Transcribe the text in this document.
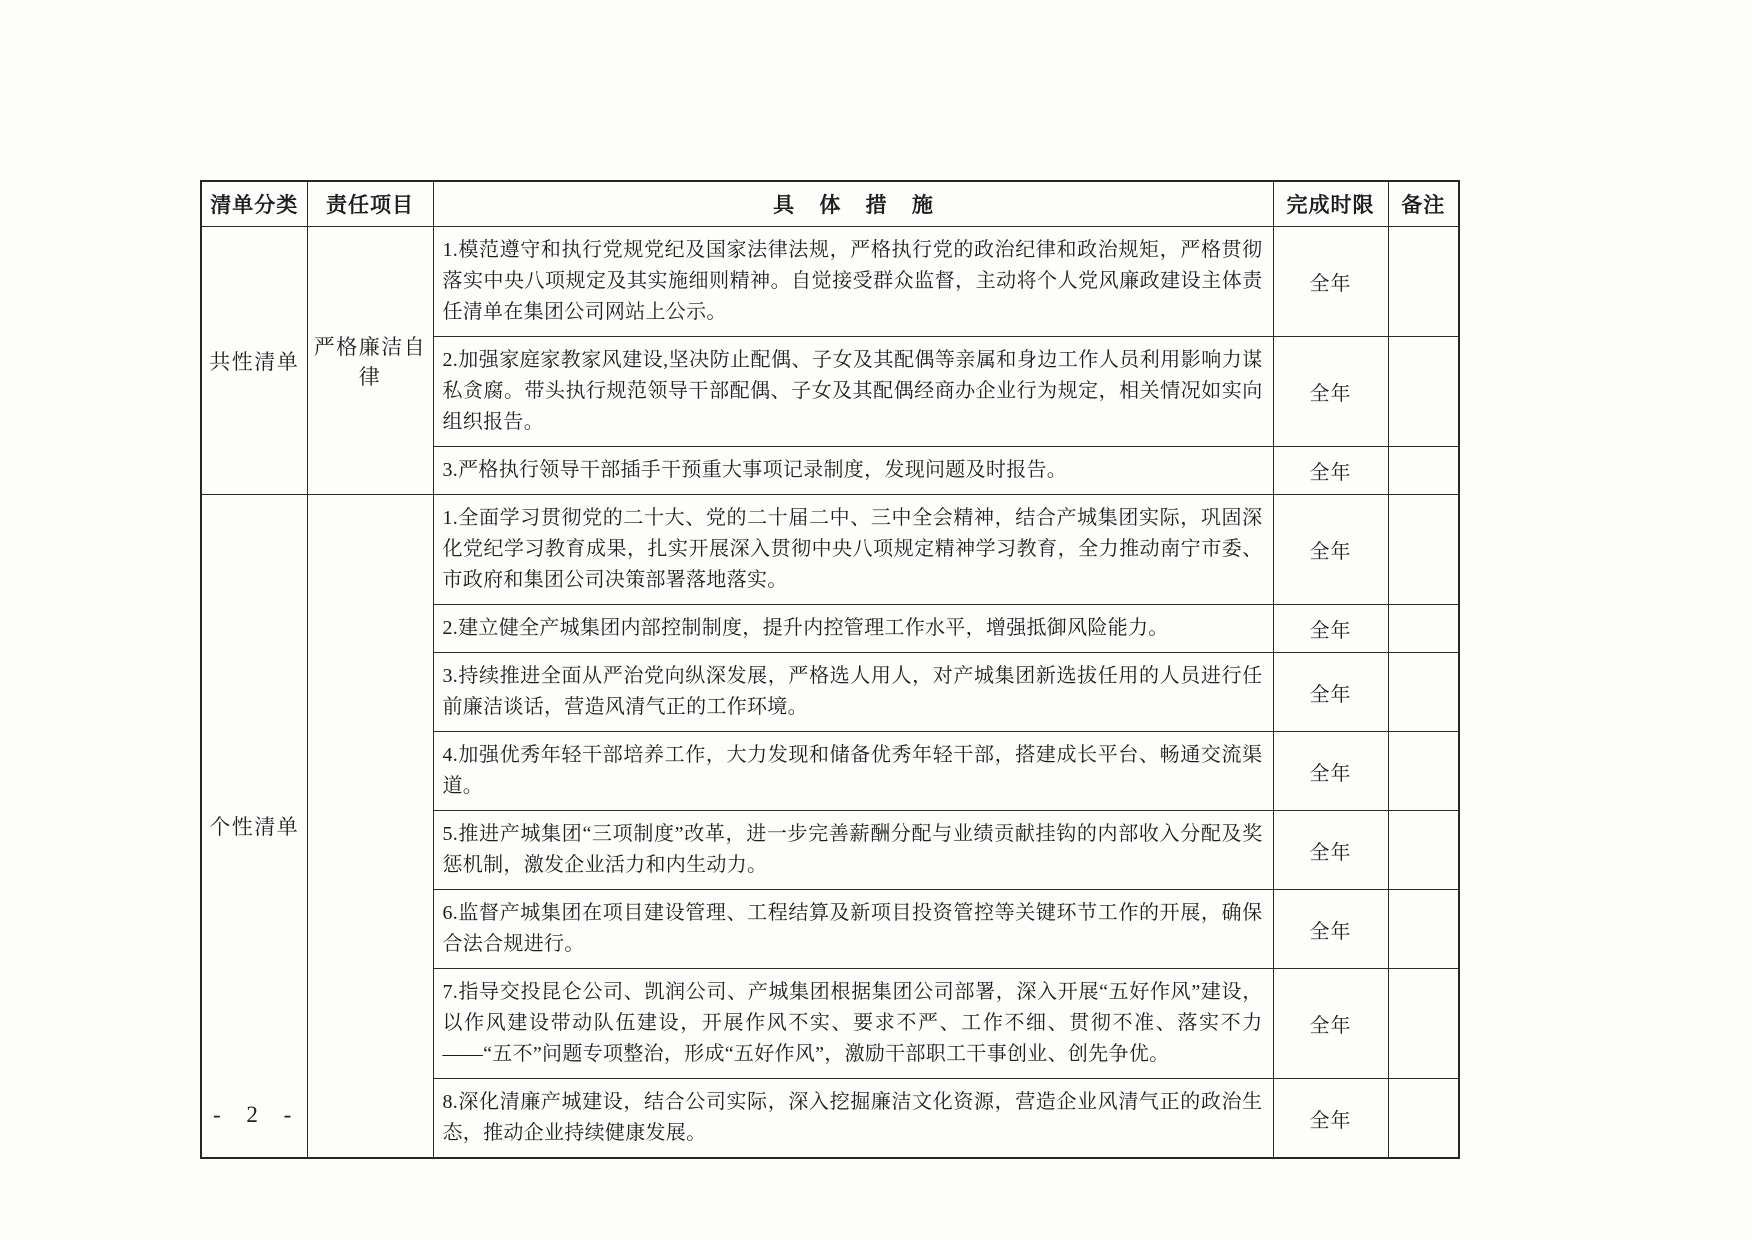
清单分类	责任项目	具 体 措 施	完成时限	备注
共性清单	严格廉洁自律	1.模范遵守和执行党规党纪及国家法律法规，严格执行党的政治纪律和政治规矩，严格贯彻落实中央八项规定及其实施细则精神。自觉接受群众监督，主动将个人党风廉政建设主体责任清单在集团公司网站上公示。	全年	
		2.加强家庭家教家风建设,坚决防止配偶、子女及其配偶等亲属和身边工作人员利用影响力谋私贪腐。带头执行规范领导干部配偶、子女及其配偶经商办企业行为规定，相关情况如实向组织报告。	全年	
		3.严格执行领导干部插手干预重大事项记录制度，发现问题及时报告。	全年	
个性清单		1.全面学习贯彻党的二十大、党的二十届二中、三中全会精神，结合产城集团实际，巩固深化党纪学习教育成果，扎实开展深入贯彻中央八项规定精神学习教育，全力推动南宁市委、市政府和集团公司决策部署落地落实。	全年	
		2.建立健全产城集团内部控制制度，提升内控管理工作水平，增强抵御风险能力。	全年	
		3.持续推进全面从严治党向纵深发展，严格选人用人，对产城集团新选拔任用的人员进行任前廉洁谈话，营造风清气正的工作环境。	全年	
		4.加强优秀年轻干部培养工作，大力发现和储备优秀年轻干部，搭建成长平台、畅通交流渠道。	全年	
		5.推进产城集团“三项制度”改革，进一步完善薪酬分配与业绩贡献挂钩的内部收入分配及奖惩机制，激发企业活力和内生动力。	全年	
		6.监督产城集团在项目建设管理、工程结算及新项目投资管控等关键环节工作的开展，确保合法合规进行。	全年	
		7.指导交投昆仑公司、凯润公司、产城集团根据集团公司部署，深入开展“五好作风”建设，以作风建设带动队伍建设，开展作风不实、要求不严、工作不细、贯彻不准、落实不力——“五不”问题专项整治，形成“五好作风”，激励干部职工干事创业、创先争优。	全年	
		8.深化清廉产城建设，结合公司实际，深入挖掘廉洁文化资源，营造企业风清气正的政治生态，推动企业持续健康发展。	全年	
- 2 -
